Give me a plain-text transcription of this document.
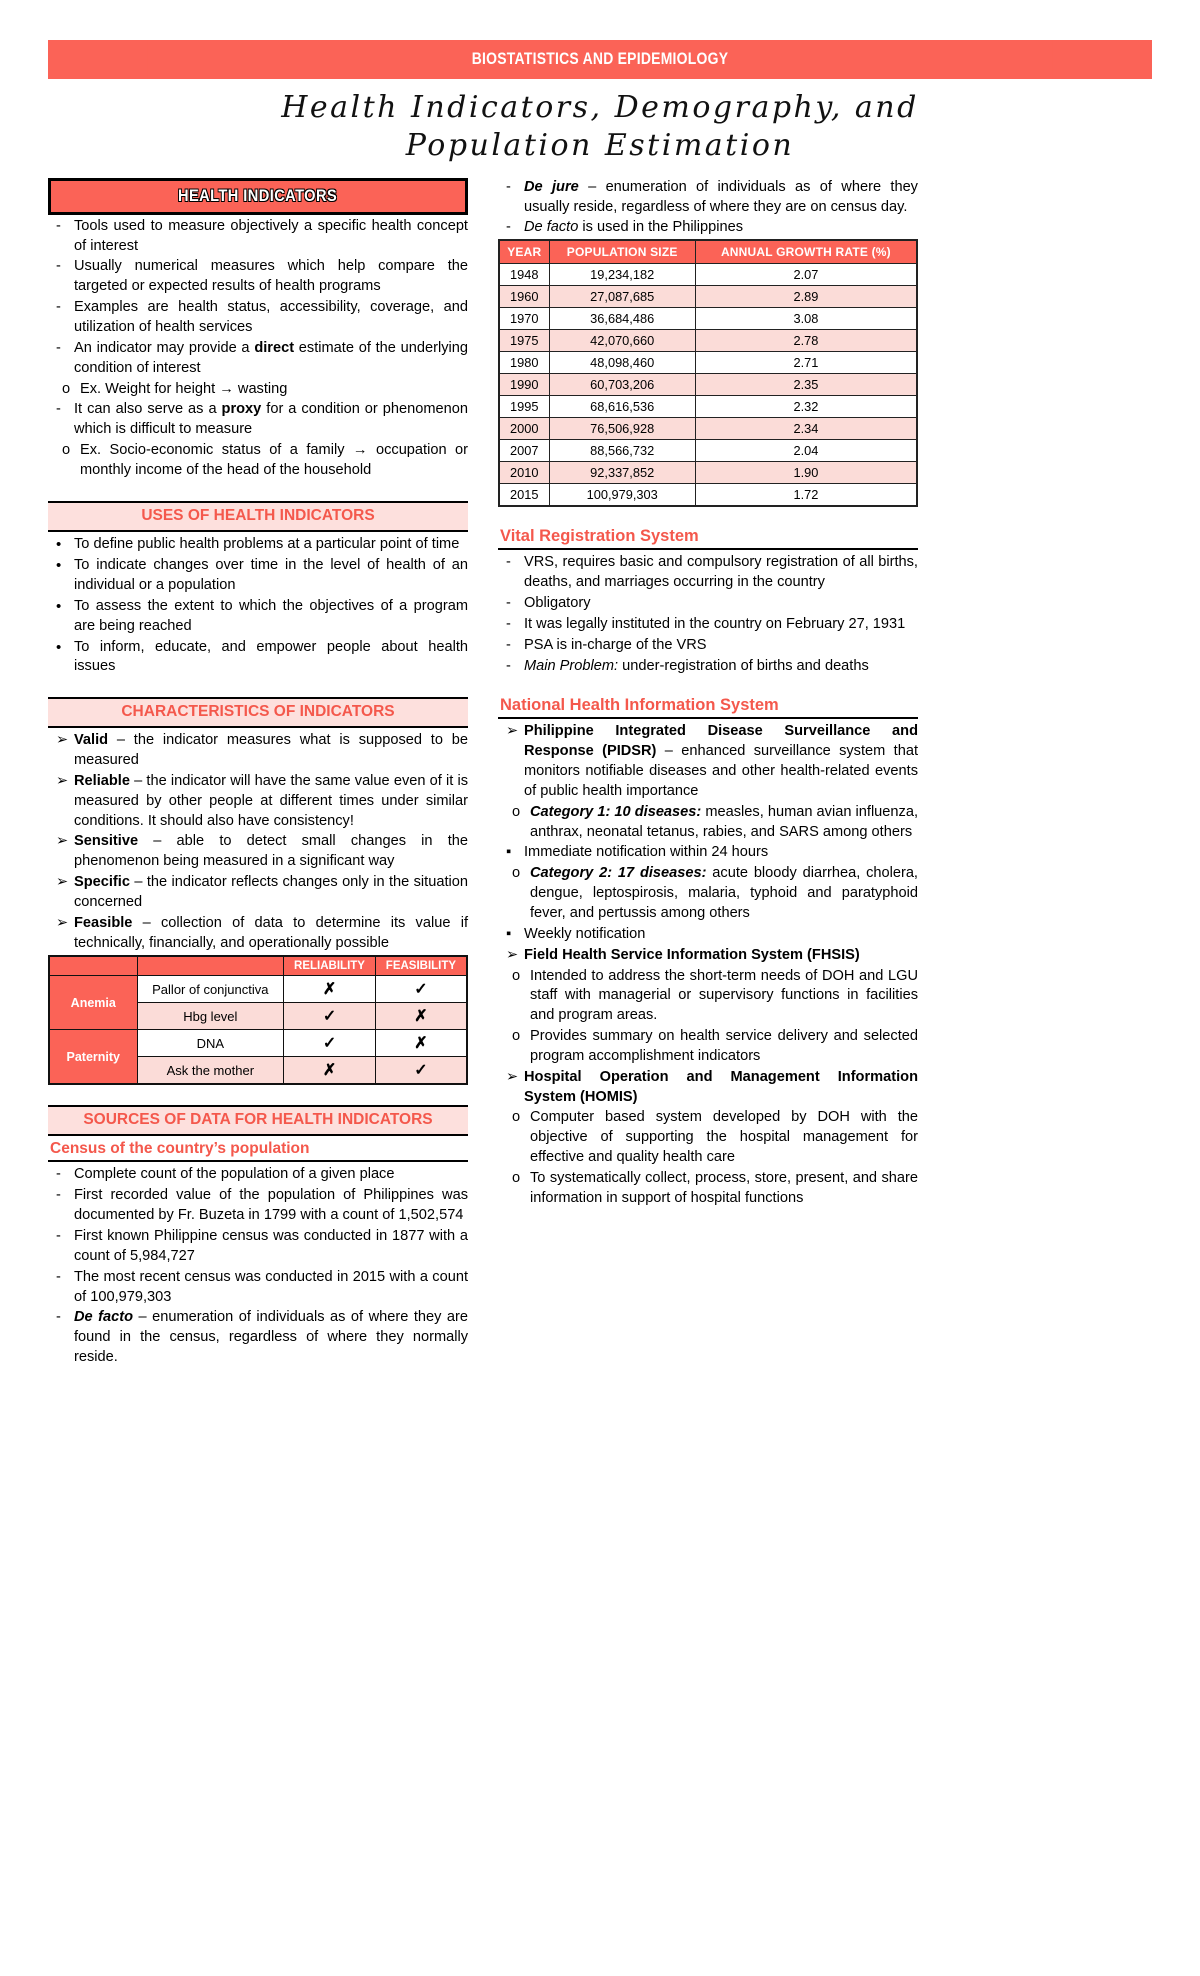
BIOSTATISTICS AND EPIDEMIOLOGY
Health Indicators, Demography, and
Population Estimation
HEALTH INDICATORS
- Tools used to measure objectively a specific health concept of interest
- Usually numerical measures which help compare the targeted or expected results of health programs
- Examples are health status, accessibility, coverage, and utilization of health services
- An indicator may provide a direct estimate of the underlying condition of interest
o Ex. Weight for height → wasting
- It can also serve as a proxy for a condition or phenomenon which is difficult to measure
o Ex. Socio-economic status of a family → occupation or monthly income of the head of the household
USES OF HEALTH INDICATORS
• To define public health problems at a particular point of time
• To indicate changes over time in the level of health of an individual or a population
• To assess the extent to which the objectives of a program are being reached
• To inform, educate, and empower people about health issues
CHARACTERISTICS OF INDICATORS
➢ Valid – the indicator measures what is supposed to be measured
➢ Reliable – the indicator will have the same value even of it is measured by other people at different times under similar conditions. It should also have consistency!
➢ Sensitive – able to detect small changes in the phenomenon being measured in a significant way
➢ Specific – the indicator reflects changes only in the situation concerned
➢ Feasible – collection of data to determine its value if technically, financially, and operationally possible
		RELIABILITY	FEASIBILITY
Anemia	Pallor of conjunctiva	✗	✓
	Hbg level	✓	✗
Paternity	DNA	✓	✗
	Ask the mother	✗	✓
SOURCES OF DATA FOR HEALTH INDICATORS
Census of the country’s population
- Complete count of the population of a given place
- First recorded value of the population of Philippines was documented by Fr. Buzeta in 1799 with a count of 1,502,574
- First known Philippine census was conducted in 1877 with a count of 5,984,727
- The most recent census was conducted in 2015 with a count of 100,979,303
- De facto – enumeration of individuals as of where they are found in the census, regardless of where they normally reside.
- De jure – enumeration of individuals as of where they usually reside, regardless of where they are on census day.
- De facto is used in the Philippines
YEAR	POPULATION SIZE	ANNUAL GROWTH RATE (%)
1948	19,234,182	2.07
1960	27,087,685	2.89
1970	36,684,486	3.08
1975	42,070,660	2.78
1980	48,098,460	2.71
1990	60,703,206	2.35
1995	68,616,536	2.32
2000	76,506,928	2.34
2007	88,566,732	2.04
2010	92,337,852	1.90
2015	100,979,303	1.72
Vital Registration System
- VRS, requires basic and compulsory registration of all births, deaths, and marriages occurring in the country
- Obligatory
- It was legally instituted in the country on February 27, 1931
- PSA is in-charge of the VRS
- Main Problem: under-registration of births and deaths
National Health Information System
➢ Philippine Integrated Disease Surveillance and Response (PIDSR) – enhanced surveillance system that monitors notifiable diseases and other health-related events of public health importance
o Category 1: 10 diseases: measles, human avian influenza, anthrax, neonatal tetanus, rabies, and SARS among others
▪ Immediate notification within 24 hours
o Category 2: 17 diseases: acute bloody diarrhea, cholera, dengue, leptospirosis, malaria, typhoid and paratyphoid fever, and pertussis among others
▪ Weekly notification
➢ Field Health Service Information System (FHSIS)
o Intended to address the short-term needs of DOH and LGU staff with managerial or supervisory functions in facilities and program areas.
o Provides summary on health service delivery and selected program accomplishment indicators
➢ Hospital Operation and Management Information System (HOMIS)
o Computer based system developed by DOH with the objective of supporting the hospital management for effective and quality health care
o To systematically collect, process, store, present, and share information in support of hospital functions
